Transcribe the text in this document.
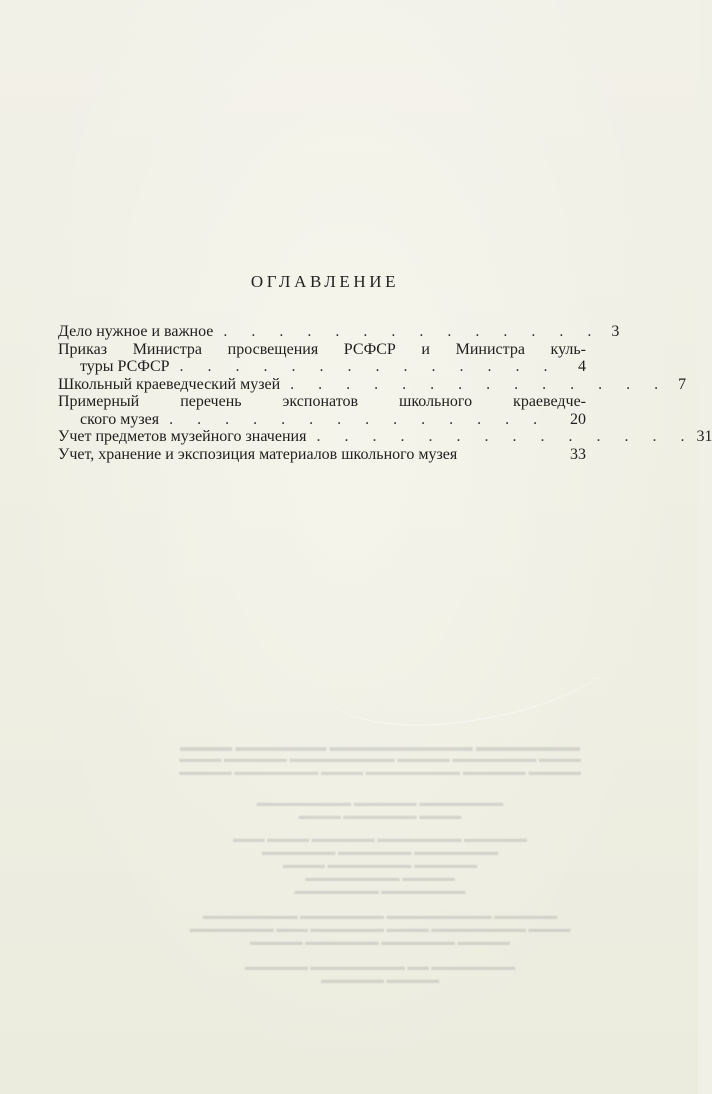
ОГЛАВЛЕНИЕ
Дело нужное и важное . . . . . . . . . . . . . . 3
Приказ Министра просвещения РСФСР и Министра куль-
туры РСФСР . . . . . . . . . . . . . .	4
Школьный краеведческий музей . . . . . . . . . . . . . . 7
Примерный перечень экспонатов школьного краеведче-
ского музея . . . . . . . . . . . . . .	20
Учет предметов музейного значения . . . . . . . . . . . . . . 31
Учет, хранение и экспозиция материалов школьного музея	33
▬▬▬▬▬▬▬▬ ▬▬▬▬▬▬▬▬▬▬▬ ▬▬▬▬▬▬▬ ▬▬▬▬
▬▬▬▬ ▬▬▬▬▬▬▬▬ ▬▬▬▬▬ ▬▬▬▬▬▬▬▬▬▬ ▬▬▬▬▬▬ ▬▬▬▬
▬▬▬▬▬ ▬▬▬▬▬▬ ▬▬▬▬▬▬▬▬▬ ▬▬▬▬ ▬▬▬▬▬▬▬▬ ▬▬▬▬▬
▬▬▬▬▬▬▬▬ ▬▬▬▬▬▬ ▬▬▬▬▬▬▬▬▬
▬▬▬▬ ▬▬▬▬▬▬▬ ▬▬▬▬
▬▬▬▬▬▬ ▬▬▬▬▬▬▬▬ ▬▬▬▬▬▬ ▬▬▬▬ ▬▬▬
▬▬▬▬▬▬▬▬ ▬▬▬▬▬▬▬ ▬▬▬▬▬▬▬
▬▬▬▬▬▬ ▬▬▬▬▬▬▬▬ ▬▬▬▬
▬▬▬▬▬ ▬▬▬▬▬▬▬▬▬
▬▬▬▬▬▬▬▬ ▬▬▬▬▬▬▬▬
▬▬▬▬▬▬ ▬▬▬▬▬▬▬▬▬▬ ▬▬▬▬▬▬▬▬ ▬▬▬▬▬▬▬▬▬
▬▬▬▬ ▬▬▬▬▬▬▬▬▬ ▬▬▬▬ ▬▬▬▬▬▬▬ ▬▬▬ ▬▬▬▬▬▬▬▬
▬▬▬▬▬ ▬▬▬▬▬▬▬ ▬▬▬▬▬▬▬ ▬▬▬▬▬
▬▬▬▬▬▬▬▬ ▬▬ ▬▬▬▬▬▬▬▬▬ ▬▬▬▬▬▬
▬▬▬▬▬ ▬▬▬▬▬▬
